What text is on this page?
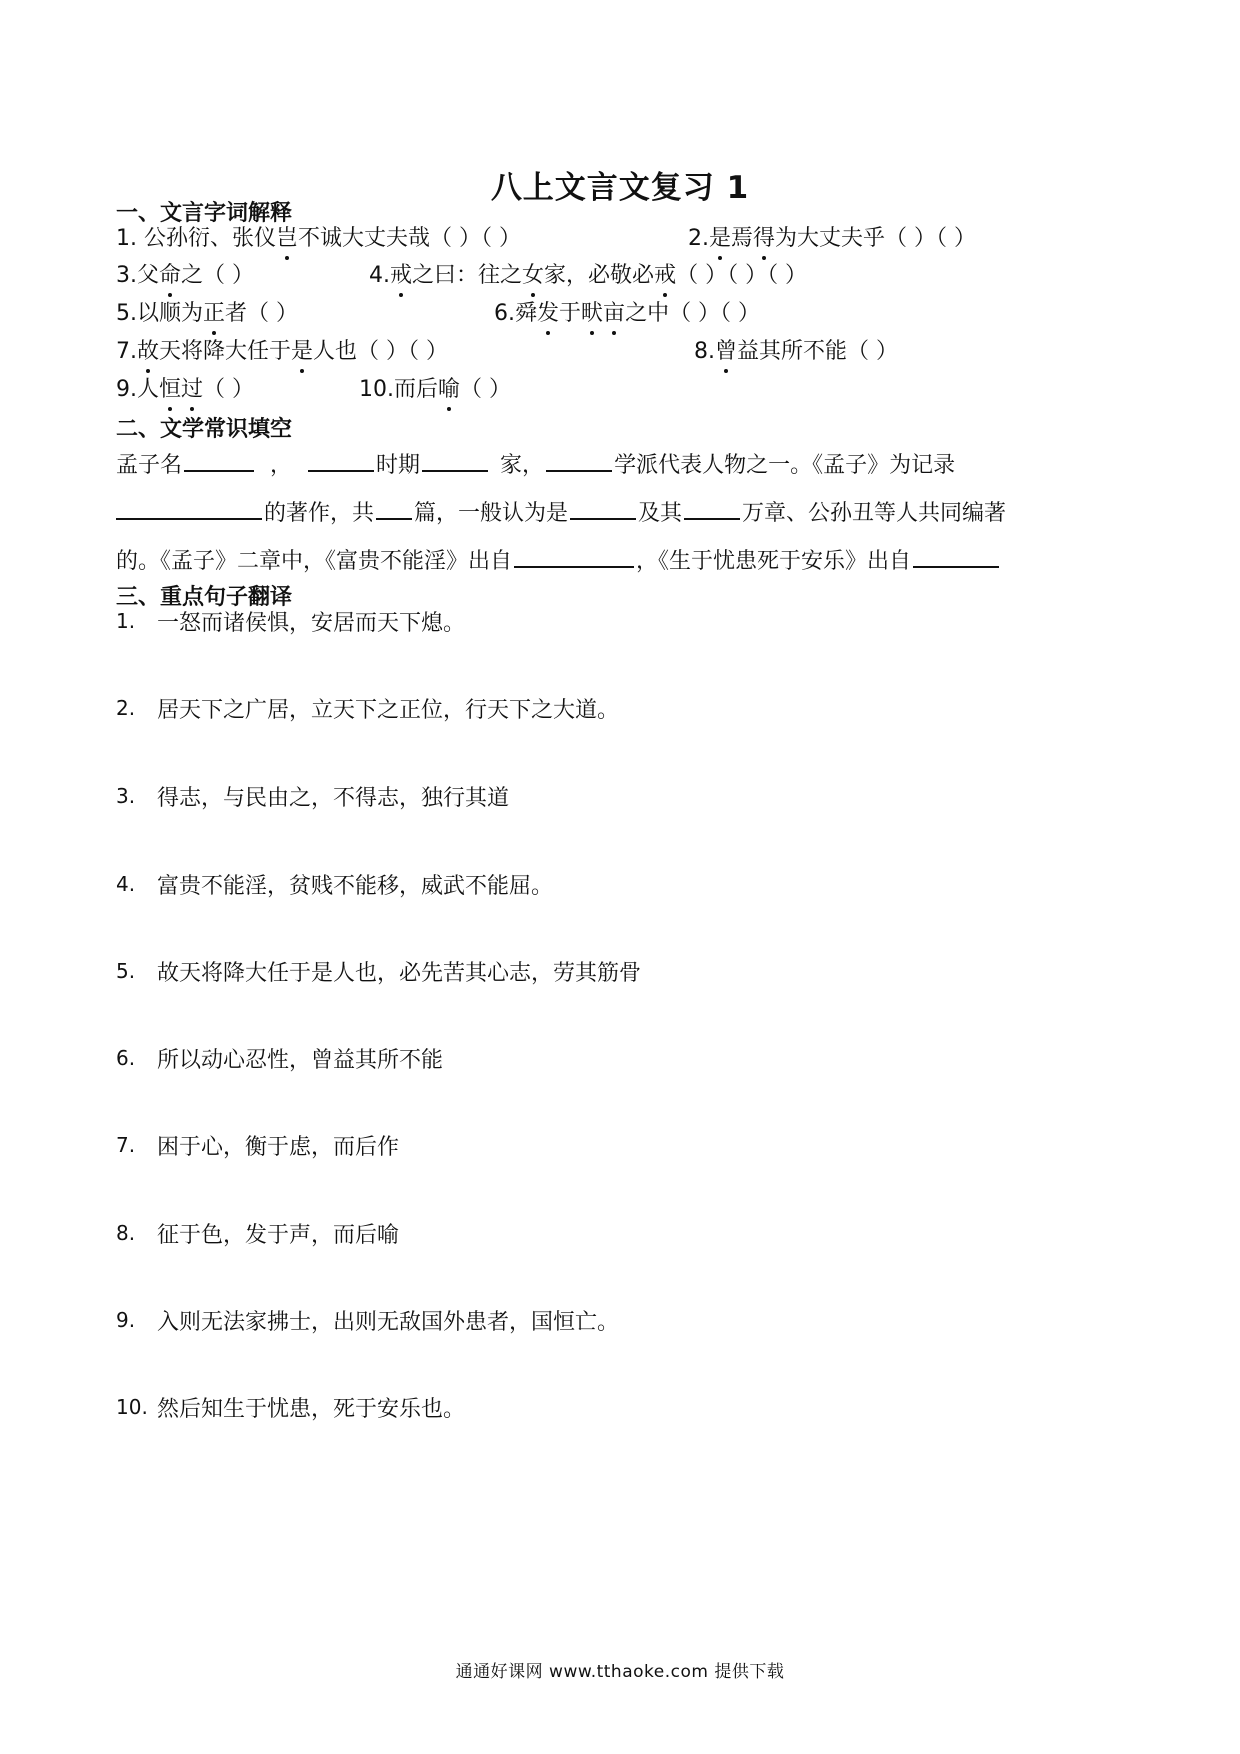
八上文言文复习 1
一、文言字词解释
1. 公孙衍、张仪岂不诚大丈夫哉（ ）（ ）	2.是焉得为大丈夫乎（ ）（ ）
3.父命之（ ）	4.戒之曰：往之女家，必敬必戒（ ）（ ）（ ）
5.以顺为正者（ ）	6.舜发于畎亩之中（ ）（ ）
7.故天将降大任于是人也（ ）（ ）	8.曾益其所不能（ ）
9.人恒过（ ）	10.而后喻（ ）
二、文学常识填空
孟子名	，	时期	家，	学派代表人物之一。《孟子》为记录
的著作，共 篇，一般认为是	及其	万章、公孙丑等人共同编著
的。《孟子》二章中，《富贵不能淫》出自	，《生于忧患死于安乐》出自
三、重点句子翻译
1. 一怒而诸侯惧，安居而天下熄。
2. 居天下之广居，立天下之正位，行天下之大道。
3. 得志，与民由之，不得志，独行其道
4. 富贵不能淫，贫贱不能移，威武不能屈。
5. 故天将降大任于是人也，必先苦其心志，劳其筋骨
6. 所以动心忍性，曾益其所不能
7. 困于心，衡于虑，而后作
8. 征于色，发于声，而后喻
9. 入则无法家拂士，出则无敌国外患者，国恒亡。
10. 然后知生于忧患，死于安乐也。
通通好课网 www.tthaoke.com 提供下载
